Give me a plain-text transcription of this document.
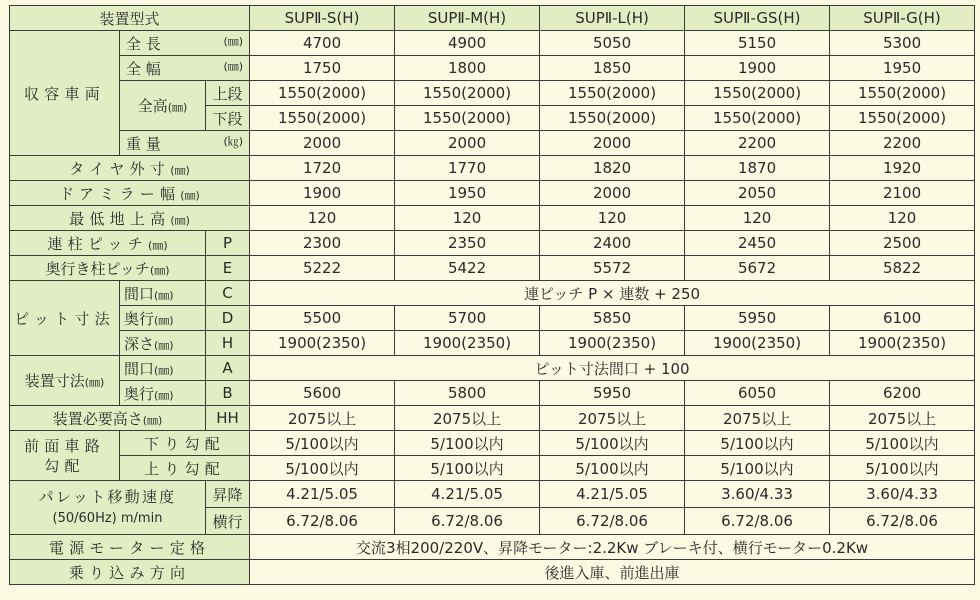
装置型式			SUPⅡ-S(H)	SUPⅡ-M(H)	SUPⅡ-L(H)	SUPⅡ-GS(H)	SUPⅡ-G(H)
収容車両	全 長 (㎜)		4700	4900	5050	5150	5300

	全 幅 (㎜)		1750	1800	1850	1900	1950
	全高(㎜)	上段	1550(2000)	1550(2000)	1550(2000)	1550(2000)	1550(2000)
		下段	1550(2000)	1550(2000)	1550(2000)	1550(2000)	1550(2000)

	重 量 (㎏)		2000	2000	2000	2200	2200
タイヤ外寸(㎜)			1720	1770	1820	1870	1920
ドアミラー幅(㎜)			1900	1950	2000	2050	2100
最低地上高(㎜)			120	120	120	120	120
連柱ピッチ(㎜)		P	2300	2350	2400	2450	2500
奥行き柱ピッチ(㎜)		E	5222	5422	5572	5672	5822
ピット寸法	間口(㎜)	C	連ピッチ P × 連数 + 250				
	奥行(㎜)	D	5500	5700	5850	5950	6100
	深さ(㎜)	H	1900(2350)	1900(2350)	1900(2350)	1900(2350)	1900(2350)
装置寸法(㎜)	間口(㎜)	A	ピット寸法間口 + 100				
	奥行(㎜)	B	5600	5800	5950	6050	6200
装置必要高さ(㎜)		HH	2075以上	2075以上	2075以上	2075以上	2075以上

前面車路
勾配	下り勾配		5/100以内	5/100以内	5/100以内	5/100以内	5/100以内
	上り勾配		5/100以内	5/100以内	5/100以内	5/100以内	5/100以内

パレット移動速度
(50/60Hz) m/min		昇降	4.21/5.05	4.21/5.05	4.21/5.05	3.60/4.33	3.60/4.33
		横行	6.72/8.06	6.72/8.06	6.72/8.06	6.72/8.06	6.72/8.06
電源モーター定格			交流3相200/220V、昇降モーター:2.2Kw ブレーキ付、横行モーター0.2Kw				
乗り込み方向			後進入庫、前進出庫				
